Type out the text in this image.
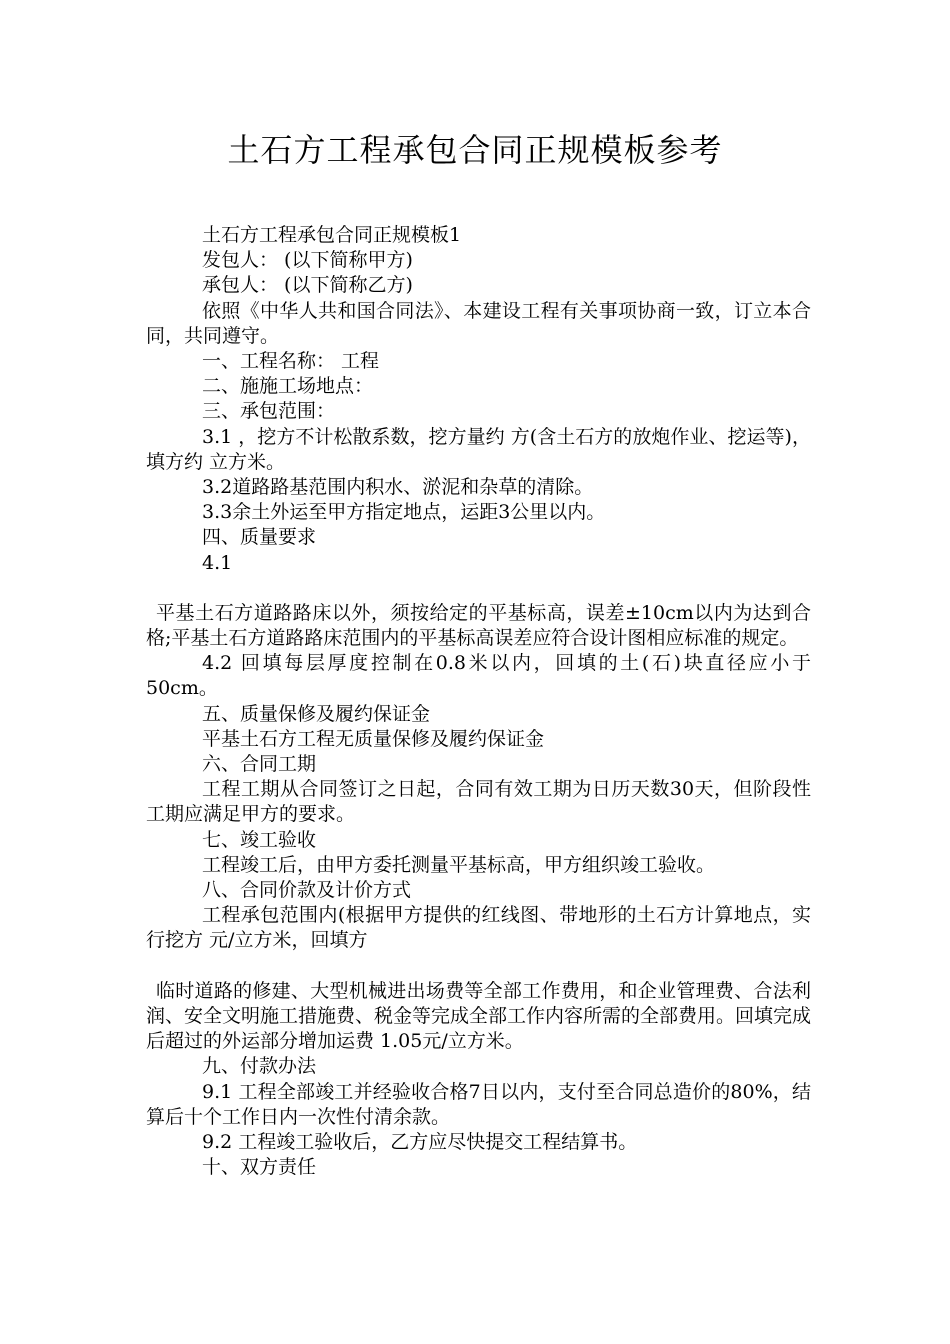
土石方工程承包合同正规模板参考

土石方工程承包合同正规模板1

发包人： (以下简称甲方)

承包人： (以下简称乙方)

依照《中华人共和国合同法》、本建设工程有关事项协商一致，订立本合同，共同遵守。

一、工程名称： 工程

二、施施工场地点：

三、承包范围：

3.1 ，挖方不计松散系数，挖方量约 方(含土石方的放炮作业、挖运等)，填方约 立方米。

3.2道路路基范围内积水、淤泥和杂草的清除。

3.3余土外运至甲方指定地点，运距3公里以内。

四、质量要求

4.1

平基土石方道路路床以外，须按给定的平基标高，误差±10cm以内为达到合格;平基土石方道路路床范围内的平基标高误差应符合设计图相应标准的规定。

4.2 回填每层厚度控制在0.8米以内，回填的土(石)块直径应小于50cm。

五、质量保修及履约保证金

平基土石方工程无质量保修及履约保证金

六、合同工期

工程工期从合同签订之日起，合同有效工期为日历天数30天，但阶段性工期应满足甲方的要求。

七、竣工验收

工程竣工后，由甲方委托测量平基标高，甲方组织竣工验收。

八、合同价款及计价方式

工程承包范围内(根据甲方提供的红线图、带地形的土石方计算地点，实行挖方 元/立方米，回填方

临时道路的修建、大型机械进出场费等全部工作费用，和企业管理费、合法利润、安全文明施工措施费、税金等完成全部工作内容所需的全部费用。回填完成后超过的外运部分增加运费 1.05元/立方米。

九、付款办法

9.1 工程全部竣工并经验收合格7日以内，支付至合同总造价的80%，结算后十个工作日内一次性付清余款。

9.2 工程竣工验收后，乙方应尽快提交工程结算书。

十、双方责任
